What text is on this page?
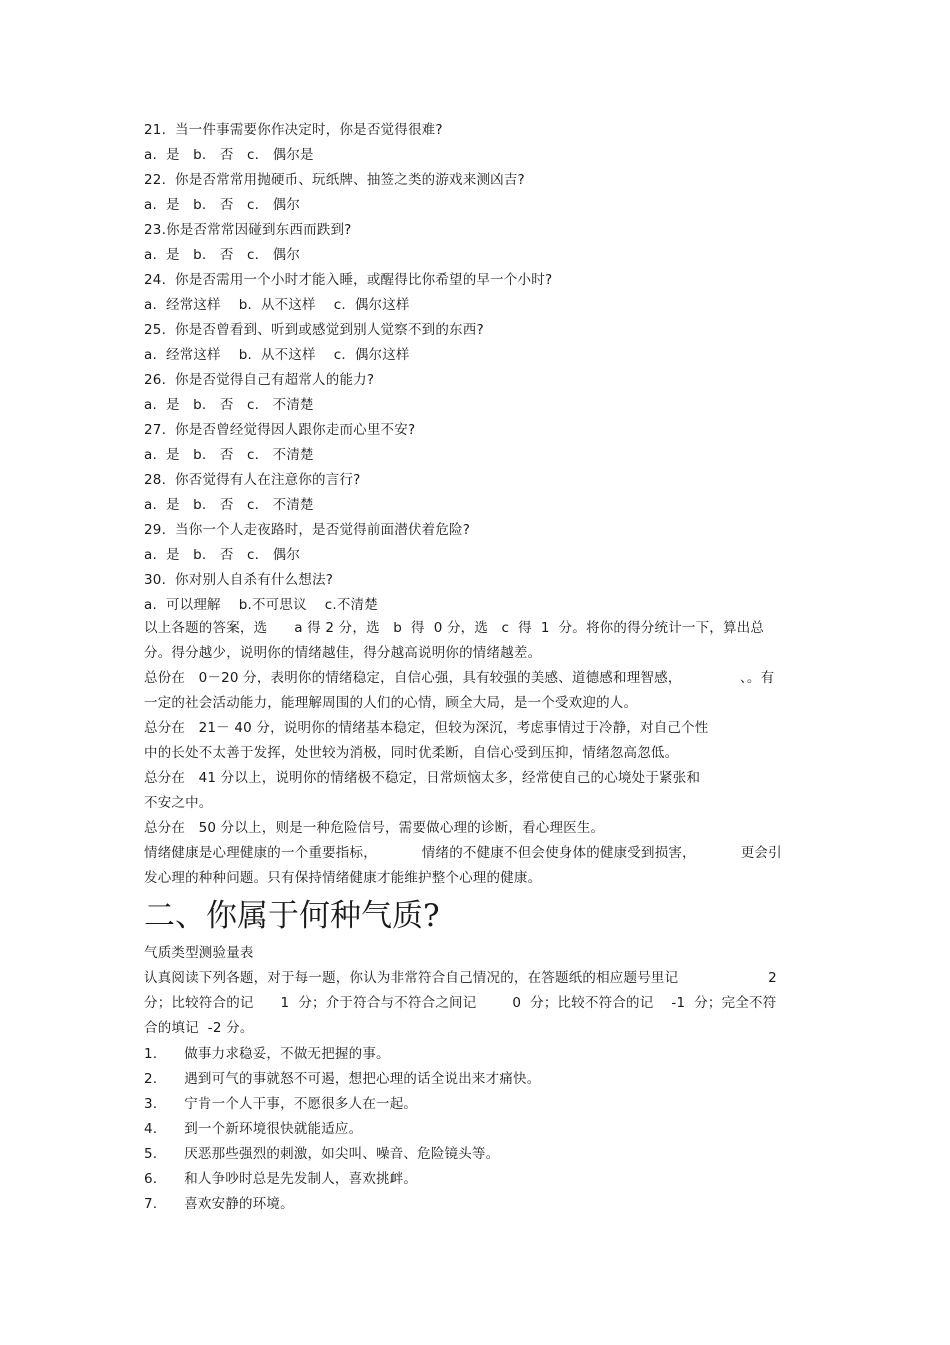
21.  当一件事需要你作决定时，你是否觉得很难?
a.  是   b.   否   c.   偶尔是
22.  你是否常常用抛硬币、玩纸牌、抽签之类的游戏来测凶吉?
a.  是   b.   否   c.   偶尔
23.你是否常常因碰到东西而跌到?
a.  是   b.   否   c.   偶尔
24.  你是否需用一个小时才能入睡，或醒得比你希望的早一个小时?
a.  经常这样    b.  从不这样    c.  偶尔这样
25.  你是否曾看到、听到或感觉到别人觉察不到的东西?
a.  经常这样    b.  从不这样    c.  偶尔这样
26.  你是否觉得自己有超常人的能力?
a.  是   b.   否   c.   不清楚
27.  你是否曾经觉得因人跟你走而心里不安?
a.  是   b.   否   c.   不清楚
28.  你否觉得有人在注意你的言行?
a.  是   b.   否   c.   不清楚
29.  当你一个人走夜路时，是否觉得前面潜伏着危险?
a.  是   b.   否   c.   偶尔
30.  你对别人自杀有什么想法?
a.  可以理解    b.不可思议    c.不清楚
以上各题的答案，选      a 得 2 分，选   b  得  0 分，选   c  得  1  分。将你的得分统计一下，算出总
分。得分越少，说明你的情绪越佳，得分越高说明你的情绪越差。
总份在   0－20 分，表明你的情绪稳定，自信心强，具有较强的美感、道德感和理智感，             、。有
一定的社会活动能力，能理解周围的人们的心情，顾全大局，是一个受欢迎的人。
总分在   21－ 40 分，说明你的情绪基本稳定，但较为深沉，考虑事情过于冷静，对自己个性
中的长处不太善于发挥，处世较为消极，同时优柔断，自信心受到压抑，情绪忽高忽低。
总分在   41 分以上，说明你的情绪极不稳定，日常烦恼太多，经常使自己的心境处于紧张和
不安之中。
总分在   50 分以上，则是一种危险信号，需要做心理的诊断，看心理医生。
情绪健康是心理健康的一个重要指标，          情绪的不健康不但会使身体的健康受到损害，          更会引
发心理的种种问题。只有保持情绪健康才能维护整个心理的健康。
二、你属于何种气质?
气质类型测验量表
认真阅读下列各题，对于每一题，你认为非常符合自己情况的，在答题纸的相应题号里记                    2
分；比较符合的记      1  分；介于符合与不符合之间记        0  分；比较不符合的记    -1  分；完全不符
合的填记  -2 分。
1.      做事力求稳妥，不做无把握的事。
2.      遇到可气的事就怒不可遏，想把心理的话全说出来才痛快。
3.      宁肯一个人干事，不愿很多人在一起。
4.      到一个新环境很快就能适应。
5.      厌恶那些强烈的刺激，如尖叫、噪音、危险镜头等。
6.      和人争吵时总是先发制人，喜欢挑衅。
7.      喜欢安静的环境。
